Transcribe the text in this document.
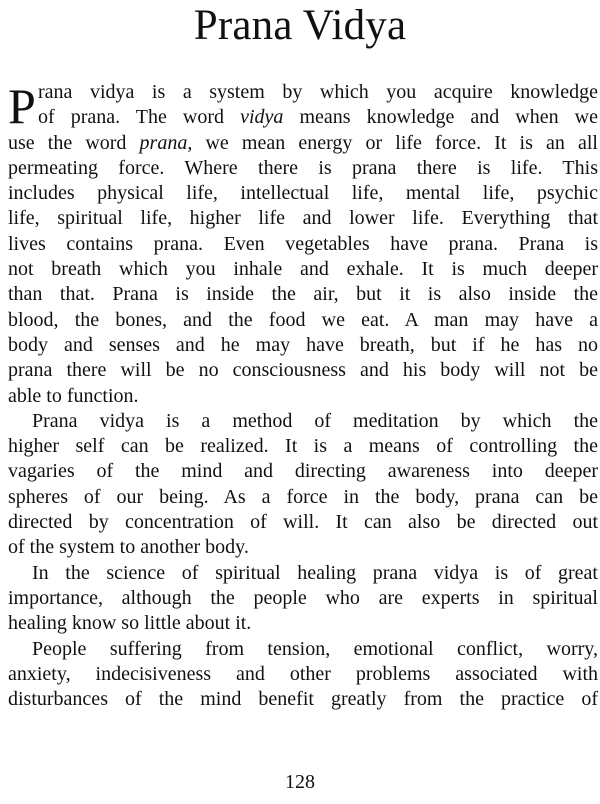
Prana Vidya
P rana vidya is a system by which you acquire knowledge
of prana. The word vidya means knowledge and when we
use the word prana, we mean energy or life force. It is an all
permeating force. Where there is prana there is life. This
includes physical life, intellectual life, mental life, psychic
life, spiritual life, higher life and lower life. Everything that
lives contains prana. Even vegetables have prana. Prana is
not breath which you inhale and exhale. It is much deeper
than that. Prana is inside the air, but it is also inside the
blood, the bones, and the food we eat. A man may have a
body and senses and he may have breath, but if he has no
prana there will be no consciousness and his body will not be
able to function.
Prana vidya is a method of meditation by which the
higher self can be realized. It is a means of controlling the
vagaries of the mind and directing awareness into deeper
spheres of our being. As a force in the body, prana can be
directed by concentration of will. It can also be directed out
of the system to another body.
In the science of spiritual healing prana vidya is of great
importance, although the people who are experts in spiritual
healing know so little about it.
People suffering from tension, emotional conflict, worry,
anxiety, indecisiveness and other problems associated with
disturbances of the mind benefit greatly from the practice of
128
